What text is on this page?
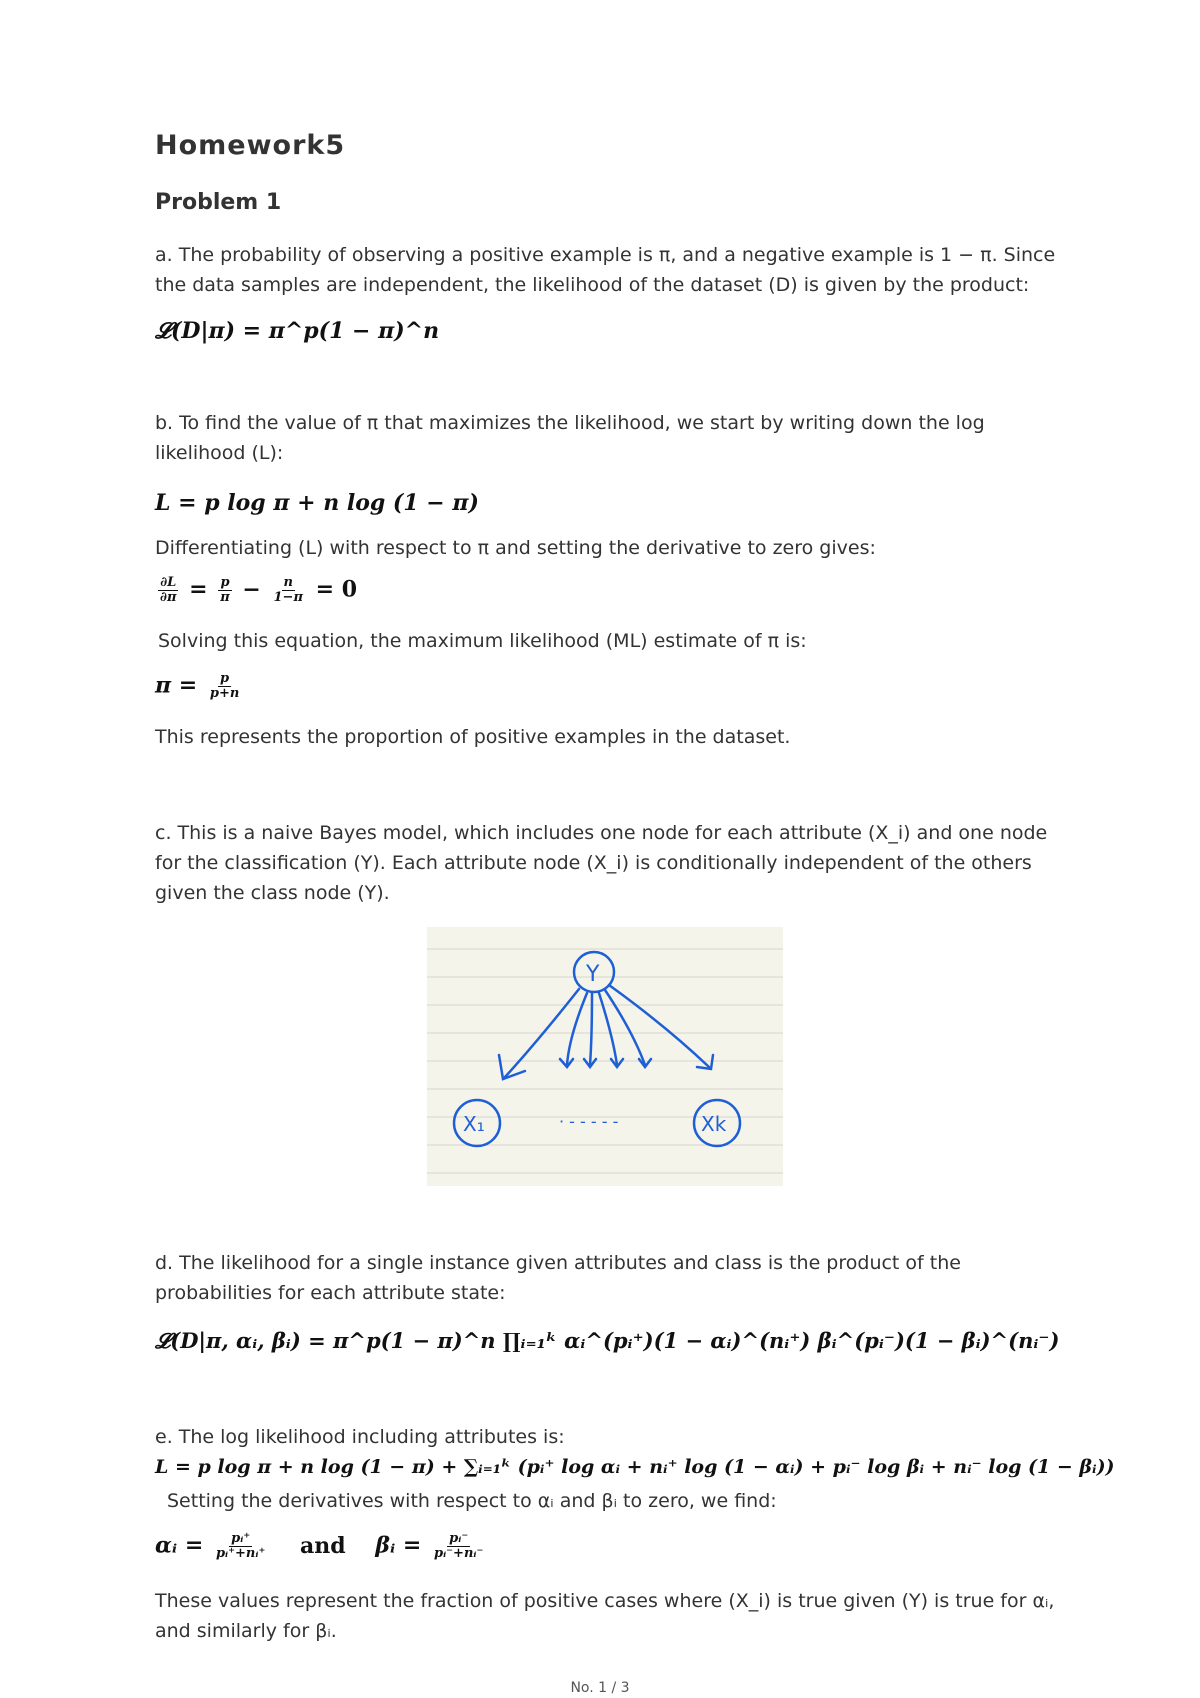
Homework5
Problem 1
a. The probability of observing a positive example is π, and a negative example is 1 − π. Since the data samples are independent, the likelihood of the dataset (D) is given by the product:
𝓛(D|π) = π^p(1 − π)^n
b. To find the value of π that maximizes the likelihood, we start by writing down the log likelihood (L):
L = p log π + n log (1 − π)
Differentiating (L) with respect to π and setting the derivative to zero gives:
$\frac{\partial L}{\partial\pi} = \frac{p}{\pi} - \frac{n}{1-\pi} = 0$
Solving this equation, the maximum likelihood (ML) estimate of π is:
$\pi = \frac{p}{p+n}$
This represents the proportion of positive examples in the dataset.
c. This is a naive Bayes model, which includes one node for each attribute (X_i) and one node for the classification (Y). Each attribute node (X_i) is conditionally independent of the others given the class node (Y).
d. The likelihood for a single instance given attributes and class is the product of the probabilities for each attribute state:
𝓛(D|π, αᵢ, βᵢ) = π^p(1 − π)^n ∏ᵢ₌₁ᵏ αᵢ^(pᵢ⁺)(1 − αᵢ)^(nᵢ⁺) βᵢ^(pᵢ⁻)(1 − βᵢ)^(nᵢ⁻)
e. The log likelihood including attributes is:
L = p log π + n log (1 − π) + ∑ᵢ₌₁ᵏ (pᵢ⁺ log αᵢ + nᵢ⁺ log (1 − αᵢ) + pᵢ⁻ log βᵢ + nᵢ⁻ log (1 − βᵢ))
Setting the derivatives with respect to αᵢ and βᵢ to zero, we find:
αᵢ = $\frac{\text{pᵢ⁺}}{\text{pᵢ⁺+nᵢ⁺}}$ and βᵢ = $\frac{\text{pᵢ⁻}}{\text{pᵢ⁻+nᵢ⁻}}$
These values represent the fraction of positive cases where (X_i) is true given (Y) is true for αᵢ, and similarly for βᵢ.
Y
X₁	Xk
· - - - - -
No. 1 / 3
